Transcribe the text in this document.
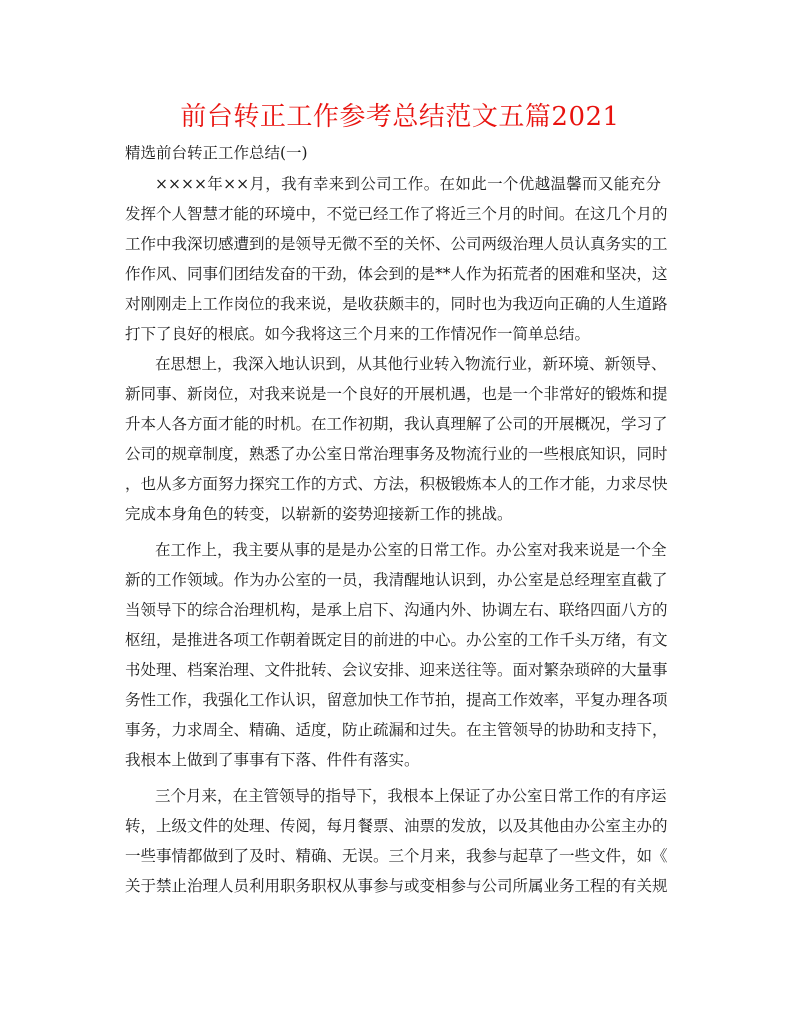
前台转正工作参考总结范文五篇2021
精选前台转正工作总结(一)
××××年××月，我有幸来到公司工作。在如此一个优越温馨而又能充分
发挥个人智慧才能的环境中，不觉已经工作了将近三个月的时间。在这几个月的
工作中我深切感遭到的是领导无微不至的关怀、公司两级治理人员认真务实的工
作作风、同事们团结发奋的干劲，体会到的是**人作为拓荒者的困难和坚决，这
对刚刚走上工作岗位的我来说，是收获颇丰的，同时也为我迈向正确的人生道路
打下了良好的根底。如今我将这三个月来的工作情况作一简单总结。
在思想上，我深入地认识到，从其他行业转入物流行业，新环境、新领导、
新同事、新岗位，对我来说是一个良好的开展机遇，也是一个非常好的锻炼和提
升本人各方面才能的时机。在工作初期，我认真理解了公司的开展概况，学习了
公司的规章制度，熟悉了办公室日常治理事务及物流行业的一些根底知识，同时
，也从多方面努力探究工作的方式、方法，积极锻炼本人的工作才能，力求尽快
完成本身角色的转变，以崭新的姿势迎接新工作的挑战。
在工作上，我主要从事的是是办公室的日常工作。办公室对我来说是一个全
新的工作领域。作为办公室的一员，我清醒地认识到，办公室是总经理室直截了
当领导下的综合治理机构，是承上启下、沟通内外、协调左右、联络四面八方的
枢纽，是推进各项工作朝着既定目的前进的中心。办公室的工作千头万绪，有文
书处理、档案治理、文件批转、会议安排、迎来送往等。面对繁杂琐碎的大量事
务性工作，我强化工作认识，留意加快工作节拍，提高工作效率，平复办理各项
事务，力求周全、精确、适度，防止疏漏和过失。在主管领导的协助和支持下，
我根本上做到了事事有下落、件件有落实。
三个月来，在主管领导的指导下，我根本上保证了办公室日常工作的有序运
转，上级文件的处理、传阅，每月餐票、油票的发放，以及其他由办公室主办的
一些事情都做到了及时、精确、无误。三个月来，我参与起草了一些文件，如《
关于禁止治理人员利用职务职权从事参与或变相参与公司所属业务工程的有关规
